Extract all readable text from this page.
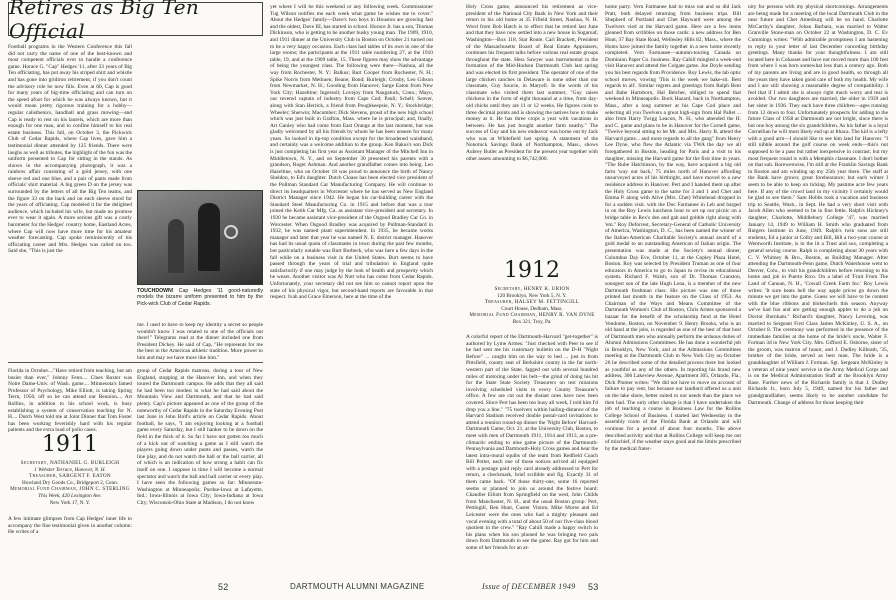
Retires as Big Ten Official

Football programs in the Western Conference this fall did not carry the name of one of the best-known and most competent officials ever to handle a conference game. Horace G. "Cap" Hedges '11, after 33 years of Big Ten officiating, has put away his striped shirt and whistle and has gone into gridiron retirement, if you don't count the advisory role he now fills. Even at 60, Cap is good for many years of big-time officiating and can turn on the speed afoot for which he was always known, but it would mean pretty rigorous training for a hobby—regular calisthenics, handball and grass mowing—and Cap is ready to rest on his laurels, which are more than enough for one man, and to confine himself to his real estate business. This fall, on October 3, the Pickwick Club of Cedar Rapids, where Cap lives, gave him a testimonial dinner attended by 125 friends. There were laughs as well as tributes, the highlight of the fun was the uniform presented to Cap for sitting in the stands. As shown in the accompanying photograph, it was a rainbow affair consisting of a gold jersey, with one sleeve red and one blue, and a pair of pants made from officials' shirt material. A big green D on the jersey was surrounded by the letters of all the Big Ten teams, and the figure 33 on the back and on each sleeve stood for the years of officiating. Cap modeled it for the delighted audience, which included his wife, but made no promise ever to wear it again. A more serious gift was a costly barometer for the Hedges' country home, Eastland Acres, where Cap will now have more time for his amateur weather forecasting. Cap spoke reminiscently of his officiating career and Mrs. Hedges was called on too. Said she, "This is just the

TOUCHDOWN! Cap Hedges '11 good-naturedly models the bizarre uniform presented to him by the Pick-wick Club of Cedar Rapids.

me. I used to have to keep my identity a secret so people wouldn't know I was related to one of the officials out there!" Telegrams read at the dinner included one from President Dickey. He said of Cap, "He represents for me the best in the American athletic tradition. More power to him and may we have more like him."

Florida in October...."Have retired from teaching, but am busier than ever," Johnny Fenn.... Clues Baxter was Notre Dame-Univ. of Wash. game.... Minnesota's famed Professor of Psychology, Mike Elliott, is taking Spring Term, 1950, off so he can attend our Reunion.... Art Rollins, in addition to his school work, is busy establishing a system of conservation teaching for N. H.... Dutch West told me at Joint Dinner that Tom Foster has been working feverishly hard with his regular patients and the extra load of polio cases.

1911
Secretary, NATHANIEL G. BURLEIGH
1 Webster Terrace, Hanover, N. H.
Treasurer, SARGENT F. EATON
Howland Dry Goods Co., Bridgeport 2, Conn.
Memorial Fund Chairman, JOHN C. STERLING
This Week, 420 Lexington Ave.
New York 17, N. Y.

A few intimate glimpses from Cap Hedges' inner life to accompany the fine testimonial given in another column: He writes of a

group of Cedar Rapids matrons, during a tour of New England, stopping at the Hanover Inn, and when they toured the Dartmouth campus. He adds that they all said he had been too modest in what he had said about the Mountain View and Dartmouth, and that he had said plenty. Cap's picture appeared as one of the group of the noteworthy of Cedar Rapids in the Saturday Evening Post last June in John Bird's article on Cedar Rapids. About football, he says, "I am enjoying looking at a football game every Saturday, but I still hanker to be down on the field in the thick of it. So far I have not gotten too much of a kick out of watching a game as I still watch the players going down under punts and passes, watch the line play, and do not watch the ball or the ball carrier, all of which is an indication of how strong a habit can fix itself on one. I suppose in time I will become a normal spectator and watch the ball and ball carrier or every play. I have seen the following games so far: Minnesota-Washington at Minneapolis; Purdue-Iowa at Lafayette, Ind.; Iowa-Illinois at Iowa City; Iowa-Indiana at Iowa City; Wisconsin-Ohio State at Madison, I do not know

yet where I will be this weekend or any following week. Commissioner Tug Wilson notifies me each week what game he wishes me to cover." About the Hedges' family—Dave's two boys in Houston are growing fast and the oldest, Dave III, has started in school. Horace Jr. has a son, Thomas Dickinson, who is getting to be another husky young man. The 1909, 1910, and 1911 dinner at the University Club in Boston on October 21 turned out to be a very happy occasion. Each class had tables of its own in one of the large rooms; the participants at the 1911 table numbering 27, at the 1910 table, 19, and at the 1909 table, 15. These figures may show the advantage of being the youngest class. The following were there—Nashua, all the way from Rochester, N. Y.: Balkus; Burt Cooper from Rochester, N. H.; Spike Norris from Methuen; Beane; Bond; Burleigh; Crosby, Leo Gibson from Newmarket, N. H.; Gooding from Hanover; Sarge Eaton from New York City; Hazeltine; Ingersoll; Lovejoy from Naugatuck, Conn.; Mayo, our revered captain of industry from Cape Cod; Pauli; Schell; Seaver, along with Stan Herrick, a friend from Poughkeepsie, N. Y.; Stockbridge; Wheeler; Sherwin; Macomber; Dick Stevens, proud of the new high school which was just built in Grafton, Mass. where he is principal; and, finally, Art Ganley who had come from East Orange at the last moment, but was gladly welcomed by all his friends by whom he has been unseen for many years. So looked in tip-top condition except for the broadened waistband, and certainly was a welcome addition to the group. Ken Bakus's son Dick is just completing his first year as Assistant Manager of the Mitchell Inn in Middletown, N. Y., and on September 30 presented his parents with a grandson, Roger Ashman. And another grandfather comes into being. Leo Hazeltine, who on October 18 was proud to announce the birth of Nancy Sheldon, to Ed's daughter. Dutch Cloase has been elected vice president of the Pullman Standard Car Manufacturing Company. He will continue to direct its headquarters in Worcester where he has served as New England District Manager since 1942. He began his car-building career with the Standard Steel Manufacturing Co. in 1915 and before that was a tour joined the Keith Car Mfg. Co. as assistant vice-president and secretary. In 1930 he became assistant vice-president of the Osgood Bradley Car Co. in Worcester. When Osgood Bradley was acquired by Pullman-Standard in 1932, he was named plant superintendent. In 1935, he became works manager and later that year he was named N. E. district manager. Hanover has had its usual quota of classmates in town during the past few months, but particularly notable was Burt Burbeck, who was here a few days in the fall while on a business visit in the United States. Burt seems to have passed through the years of trial and tribulation in England quite satisfactorily if one may judge by the look of health and prosperity which he wears. Another visitor was Al Nutt who has come from Cedar Rapids. Unfortunately, your secretary did not see him so cannot report upon the state of his physical vigor, but second-hand reports are favorable in that respect. Ivah and Grace Emerson, here at the time of the

Holy Cross game, announced his retirement as vice-president of the National City Bank in New York and their return to his old home at 35 Fifield Street, Nashua, N. H. Word from Bob Hatch is to effect that he retired last June and that they have now settled into a new house in Sugaroaf, Washington—Box 118, Star Route. Carl Brackett, President of the Massachusetts Board of Real Estate Appraisers, continues his frequent talks before various real estate groups throughout the state. Hess Sawyer was instrumental in the formation of the Mid-Hudson Dartmouth Club last spring and was elected its first president. The operator of one of the large chicken ranches in Delaware is none other than our classmate, Guy Soucie, in Maryell. In the words of his classmate who visited them last summer, "Guy raises chickens in the form of eight thousand at a time, from day-old chicks until they are 11 or 12 weeks. He figures costs to three decimal points and is showing the natives how to make money at it. He has three crops a year with vacations in between. He has just bought another farm nearby." The success of Guy and his new endeavor was borne out by Jack who was at Whitefield last spring. A statement of the Nonotuck Savings Bank of Northampton, Mass., shows Aubrey Butler as President for the present year together with other assets amounting to $6,742,000.

1912
Secretary, HENRY K. URION
120 Brooklyn, New York 5, N. Y.
Treasurer, HALSEY M. FETTINGILL
Court House, Dedham, Mass.
Memorial Fund Chairman, HENRY R. VAN DYNE
Box 321, Troy, Pa.

A colorful report of the Dartmouth-Harvard "get-together" is authored by Lyme Armes: "Just checked with Peer to see if he had sent me his customary bulletin on the D-H "Night Before" ... caught him on the way to bed ... just in from Pittsfield, county seat of Berkshire county in the far north-western part of the State, fagged out with several hundred miles of motoring under his belt—the grind of doing his bit for the State State Society Treasurers on test missions involving scheduled visits to every County Treasurer's office. A few are cut out the distant ones have now been covered. Since Pert has been too busy all week, I told him I'd drop you a line." "75 twelvers within hailing-distance of the Harvard Stadium received double postal-card invitations to attend a reunion round-up dinner the 'Night Before' Harvard-Dartmouth Game, Oct. 21, at the University Club, Boston, to meet with men of Dartmouth 1911, 1914 and 1913, as a pre-climactic ending to nine game picture of the Dartmouth-Pennsylvania and Dartmouth-Holy Cross games and hear the latest intra-mural squibs of the team from Redfield Coach Bill Potter, each one of those notices arrived all equipped with a postage paid reply card already addressed to Pert for return, a checkmark, brief scribble and fig. Exactly 31 of them came back. "Of those thirty-one, some 16 reported seems or planned to join us around the festive board: Chandler Elliott from Springfield on the west, John Childs from Manchester, N. H., and the usual Boston group: Pert, Pettingill, Ben Hunt, Custer Vinton, Mike Morse and Ed Leicester were the ones who had a mighty pleasant and vocal evening with a total of about 50 of our five-class blood quotient in the crew." "Ray Cahill made a happy switch in his plans when his son phoned he was bringing two pals down from Dartmouth to see the game. Ray got for him and some of her friends for an at-

home party. Vern Farmanee had to miss out and so did Jack Pratt, both delayed returning from business trips. Bill Shepherd of Portland and Chet Hayward were among the Twelvers vied at the Harvard game. Here are a few items gleaned from scribbles on those cards: a new address for Ben Hunt, 37 Bay State Road, Wellesley Hills 82, Mass., where the Hunts have joined the family together in a new home recently completed. Vern Farmanee—autumn-touring Canada on Dominion Paper Co. business. Ray Cahill mingled a week-end visit Hanover and attend the Colgate game. Joe Doyle sending you his best regards from Providence. Roy Lewis, the lab optic school moves, vowing 'This is the week we bake-sit. Best regards to all'. Similar regrets and greetings from Ralph Bent and Babe Hartsborn, Hal Belcher, obliged to spend that weekend in Minneapolis. Buck Hazard, back in Northampton, Mass., after a long summer at his Cape Cod place and selecting all you Twelvers a great high-sign from Hal Pallet ... also from Harry Twigg Leacon, N. H., who attended the H. and C. game and plans to be in Hanover for the Cornell game, "Twelve beyond sitting to let Mr. and Mrs. Harry B. attend the Harvard game... and more regards to all the gang" from Henry Lee Dyne, who flew the Atlantic via TWA the day we all foregathered in Boston, heading for Paris and a visit to his daughter, missing the Harvard game for the first time in years. "The Rube Hatchinson, by the way, have acquired a big old farm 'way out back,' 75 miles north of Hanover affording unsurveyed acres of his birthright, and have moved to a new residence address in Hanover. Pert and I handed them up after the Holy Cross game to the same for 3 and 1 and Chet and Emma P. along with Alive (Mrs. Chet) Whitehead dropped in for a sudden visit. with the Doc Farmanee in Leb and barged in on the Roy Lewis luncheon hour to set up our picnic on a bridge table in Rex's den and gab and gobble right along with 'em." Roy Deforrest, Secretary-General of Catholic University of America, Washington, D. C., has been named the winner of the Italian-American Charitable Society's annual award of a gold medal to an outstanding American of Italian origin. The presentation was made at the Society's annual dinner, Columbus Day Eve, October 11, at the Copley Plaza Hotel, Boston. Roy was selected by President Truman as one of four educators in America to go to Japan to revise its educational system. Richard F. Walsh, son of Dr. Thomas Cranston, sonogest son of the late Hugh Lena, is a member of the new Dartmouth freshman class. His picture was one of those printed last month in the feature on the Class of 1953. As Chairman of the Ways and Means Committee of the Dartmouth Women's Club of Boston, Chris Armes sponsored a bazaar for the benefit of the scholarship fund at the Hotel Vendome, Boston, on November 9. Henry Brooks, who is an old hand at the jobs, is regarded as one of the best of that host of Dartmouth men who annually perform the arduous duties of Alumni Admissions Committees. He has done a wonderful job in Brooklyn, New York, and at the Admissions Committees meeting at the Dartmouth Club in New York City on October 26 he described some of the detailed process there but looked as youthful as any of the others. In reporting his brand new address, 306 Lakeview Avenue, Apartment 305, Orlando, Fla., Dick Plumer writes: "We did not have to move on account of failure to pay rent, but because our landlord offered us a unit on the lake shore, better suited to our needs than the place we then had. The only other change is that I have undertaken the job of teaching a course in Business Law for the Rollins College School of Business. I started last Wednesday in the assembly room of the Florida Bank at Orlando and will continue for a period of about four months. The above described activity and that at Rollins College will keep me out of mischief, if the weather stays good and the limits prescribed by the medical frater-

nity for persons with my physical shortcomings. Arrangements are being made for a meeting of the local Dartmouth Club in the near future and Chet Amesburg will be on hand. Charlotte McCarthy's daughter, Johan Barbara, was married to Walter Granville Stone-man on October 22 at Washington, D. C. Ev Cummings writes: "With admirable promptness I am hastening to reply to your letter of last December conceding birthday greetings. Many thanks for your thoughtfulness. I am still located here in Cohasset and have not moved more than 100 feet from where I was born somewhat less than a century ago. Both of my parents are living and are in good health, so through all the years they have taken good care of both my health. My wife and I are still showing a reasonable degree of compatibility. I feel that if I admit she is always right much worry and tear is avoided. Our two daughters are married, the older in 1939 and her sister in 1936. They each have three children—ages running from 12 down to four. Unfortunately prospects for adding to the future Class of 1958 at Dartmouth are not bright, since there is but one boy among the six grandchildren. As his father is a loyal Cornellian he will most likely end up at Ithaca. The kid is a lefty with a good arm—I should like to see him land for Hanover. "I still nibble around the golf course on week ends—this's not supposed to be a pass but rather inexpensive in contrast; but my most frequent round is with a Memphis classmate. I don't bother on that sub. Borewenwise, I'm still at the Franklin Savings Bank in Boston and am winding up my 25th year there. The staff at the Bank have grown; great forebearance; but each winter I seem to be able to keep on ticking. My pastime acre few years here. If any of the crowd land in my vicinity I certainly would be glad to see them." Sam Hobbs took a vacation and business trip to Seattle, Wash., in Sept. He had a very short visit with Jacob Allen who seemed to be in fine fettle. Ralph's Hickney's daughter, Charlotte, Middlebury College '47, was married January 14, 1949 to William H. Smith who graduated from Rutgers Institute in June, 1949. Ralph's twin sons are still students, Ed a junior at Colby and Bill, Bill a two-year course at Wentworth Institute, is in the lit a Trust and sox, completing a general sewing course. Ralph is completing about 30 years with C. V. Whitney & Bro., Boston, as Building Manager. After attending the Dartmouth-Penn game, Dutch Waterhouse went to Denver, Colo., to visit his grandchildren before returning to his home and job in Puerto Rico. On a label of 'Fruit From The Land of Cannan, N. H., 'Cowall Creek Farm Inc.' Roy Lewis writes: 'It sure beats hell the way apple prices go down the minute we get into the game. Guess we will have to be content with the blue ribbons and blokechiefs this season. Anyway we've had fun and are getting enough apples to do a job on Doctor Burnham." Richard's daughter, Nancy Levering, was married to Sergeant First Class James McKinley, U. S. A., on October 8. The ceremony was performed in the presence of the immediate families at the home of the bride's uncle, Walter F. Forman 3d in New York City. Mrs. Gifford E. Osborne, sister of the groom, was matron of honor, and J. Dudley Kilbrath, '35, brother of the bride, served as best man. The bride is a granddaughter of William J. Forman. Sgt. Sergeant McKinley is a veteran of nine years' service in the Army Medical Corps and is on the Medical Administration Staff at the Brooklyn Army Base. Further news of the Richards family is that J. Dudley Richards Jr., born July 5, 1949, named for his father and grandgrandfather, seems likely to be another candidate for Dartmouth. Change of address for those keeping their

52	DARTMOUTH ALUMNI MAGAZINE	Issue of DECEMBER 1949 53
